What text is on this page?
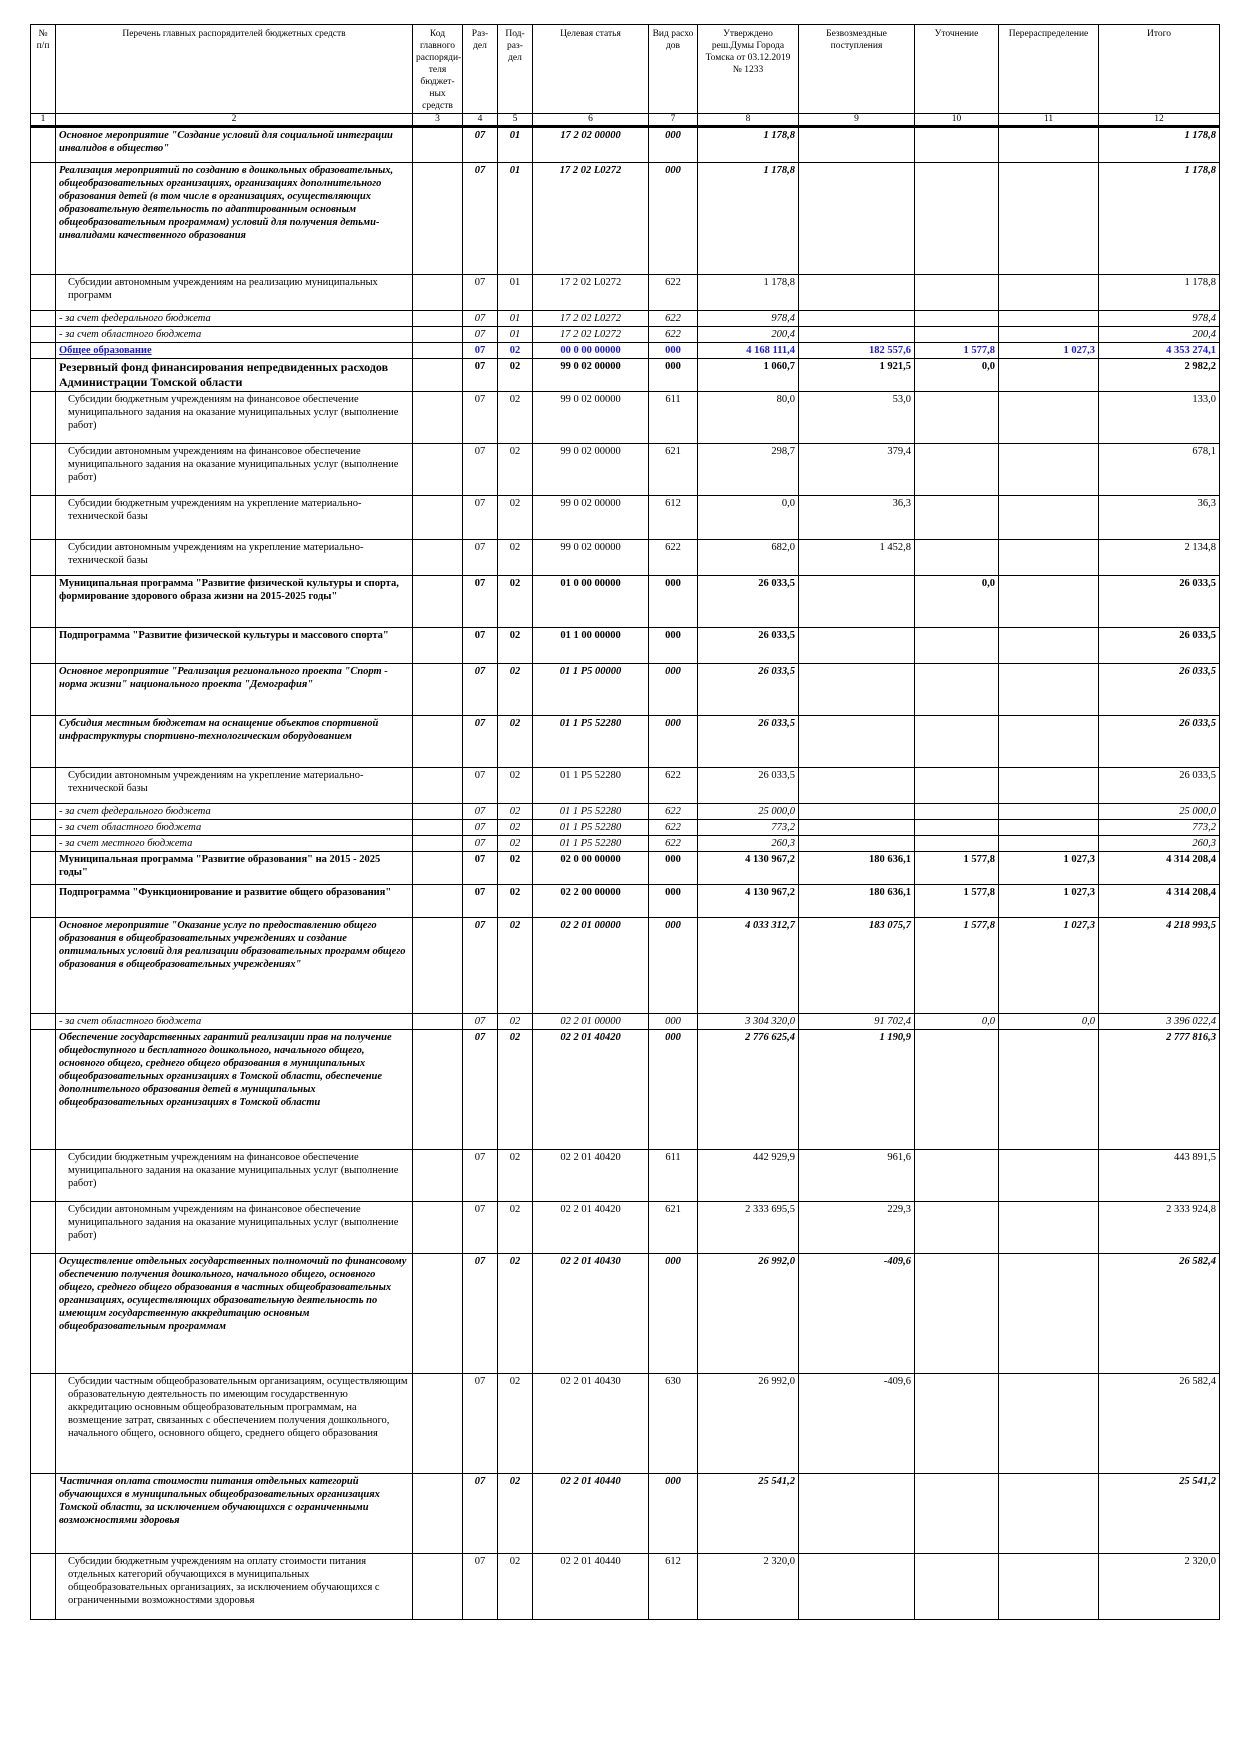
№ п/п	Перечень главных распорядителей бюджетных средств	Код главного распоряди-теля бюджет-ных средств	Раз-дел	Под-раз-дел	Целевая статья	Вид расхо дов	Утверждено реш.Думы Города Томска от 03.12.2019 № 1233	Безвозмездные поступления	Уточнение	Перераспределение	Итого
1	2	3	4	5	6	7	8	9	10	11	12
	Основное мероприятие "Создание условий для социальной интеграции инвалидов в общество"		07	01	17 2 02 00000	000	1 178,8				1 178,8
	Реализация мероприятий по созданию в дошкольных образовательных, общеобразовательных организациях, организациях дополнительного образования детей (в том числе в организациях, осуществляющих образовательную деятельность по адаптированным основным общеобразовательным программам) условий для получения детьми-инвалидами качественного образования		07	01	17 2 02 L0272	000	1 178,8				1 178,8
	Субсидии автономным учреждениям на реализацию муниципальных программ		07	01	17 2 02 L0272	622	1 178,8				1 178,8
	- за счет федерального бюджета		07	01	17 2 02 L0272	622	978,4				978,4
	- за счет областного бюджета		07	01	17 2 02 L0272	622	200,4				200,4
	Общее образование		07	02	00 0 00 00000	000	4 168 111,4	182 557,6	1 577,8	1 027,3	4 353 274,1
	Резервный фонд финансирования непредвиденных расходов Администрации Томской области		07	02	99 0 02 00000	000	1 060,7	1 921,5	0,0		2 982,2
	Субсидии бюджетным учреждениям на финансовое обеспечение муниципального задания на оказание муниципальных услуг (выполнение работ)		07	02	99 0 02 00000	611	80,0	53,0			133,0
	Субсидии автономным учреждениям на финансовое обеспечение муниципального задания на оказание муниципальных услуг (выполнение работ)		07	02	99 0 02 00000	621	298,7	379,4			678,1
	Субсидии бюджетным учреждениям на укрепление материально-технической базы		07	02	99 0 02 00000	612	0,0	36,3			36,3
	Субсидии автономным учреждениям на укрепление материально-технической базы		07	02	99 0 02 00000	622	682,0	1 452,8			2 134,8
	Муниципальная программа "Развитие физической культуры и спорта, формирование здорового образа жизни на 2015-2025 годы"		07	02	01 0 00 00000	000	26 033,5		0,0		26 033,5
	Подпрограмма "Развитие физической культуры и массового спорта"		07	02	01 1 00 00000	000	26 033,5				26 033,5
	Основное мероприятие "Реализация регионального проекта "Спорт - норма жизни" национального проекта "Демография"		07	02	01 1 P5 00000	000	26 033,5				26 033,5
	Субсидия местным бюджетам на оснащение объектов спортивной инфраструктуры спортивно-технологическим оборудованием		07	02	01 1 P5 52280	000	26 033,5				26 033,5
	Субсидии автономным учреждениям на укрепление материально-технической базы		07	02	01 1 P5 52280	622	26 033,5				26 033,5
	- за счет федерального бюджета		07	02	01 1 P5 52280	622	25 000,0				25 000,0
	- за счет областного бюджета		07	02	01 1 P5 52280	622	773,2				773,2
	- за счет местного бюджета		07	02	01 1 P5 52280	622	260,3				260,3
	Муниципальная программа "Развитие образования" на 2015 - 2025 годы"		07	02	02 0 00 00000	000	4 130 967,2	180 636,1	1 577,8	1 027,3	4 314 208,4
	Подпрограмма "Функционирование и развитие общего образования"		07	02	02 2 00 00000	000	4 130 967,2	180 636,1	1 577,8	1 027,3	4 314 208,4
	Основное мероприятие "Оказание услуг по предоставлению общего образования в общеобразовательных учреждениях и создание оптимальных условий для реализации образовательных программ общего образования в общеобразовательных учреждениях"		07	02	02 2 01 00000	000	4 033 312,7	183 075,7	1 577,8	1 027,3	4 218 993,5
	- за счет областного бюджета		07	02	02 2 01 00000	000	3 304 320,0	91 702,4	0,0	0,0	3 396 022,4
	Обеспечение государственных гарантий реализации прав на получение общедоступного и бесплатного дошкольного, начального общего, основного общего, среднего общего образования в муниципальных общеобразовательных организациях в Томской области, обеспечение дополнительного образования детей в муниципальных общеобразовательных организациях в Томской области		07	02	02 2 01 40420	000	2 776 625,4	1 190,9			2 777 816,3
	Субсидии бюджетным учреждениям на финансовое обеспечение муниципального задания на оказание муниципальных услуг (выполнение работ)		07	02	02 2 01 40420	611	442 929,9	961,6			443 891,5
	Субсидии автономным учреждениям на финансовое обеспечение муниципального задания на оказание муниципальных услуг (выполнение работ)		07	02	02 2 01 40420	621	2 333 695,5	229,3			2 333 924,8
	Осуществление отдельных государственных полномочий по финансовому обеспечению получения дошкольного, начального общего, основного общего, среднего общего образования в частных общеобразовательных организациях, осуществляющих образовательную деятельность по имеющим государственную аккредитацию основным общеобразовательным программам		07	02	02 2 01 40430	000	26 992,0	-409,6			26 582,4
	Субсидии частным общеобразовательным организациям, осуществляющим образовательную деятельность по имеющим государственную аккредитацию основным общеобразовательным программам, на возмещение затрат, связанных с обеспечением получения дошкольного, начального общего, основного общего, среднего общего образования		07	02	02 2 01 40430	630	26 992,0	-409,6			26 582,4
	Частичная оплата стоимости питания отдельных категорий обучающихся в муниципальных общеобразовательных организациях Томской области, за исключением обучающихся с ограниченными возможностями здоровья		07	02	02 2 01 40440	000	25 541,2				25 541,2
	Субсидии бюджетным учреждениям на оплату стоимости питания отдельных категорий обучающихся в муниципальных общеобразовательных организациях, за исключением обучающихся с ограниченными возможностями здоровья		07	02	02 2 01 40440	612	2 320,0				2 320,0
